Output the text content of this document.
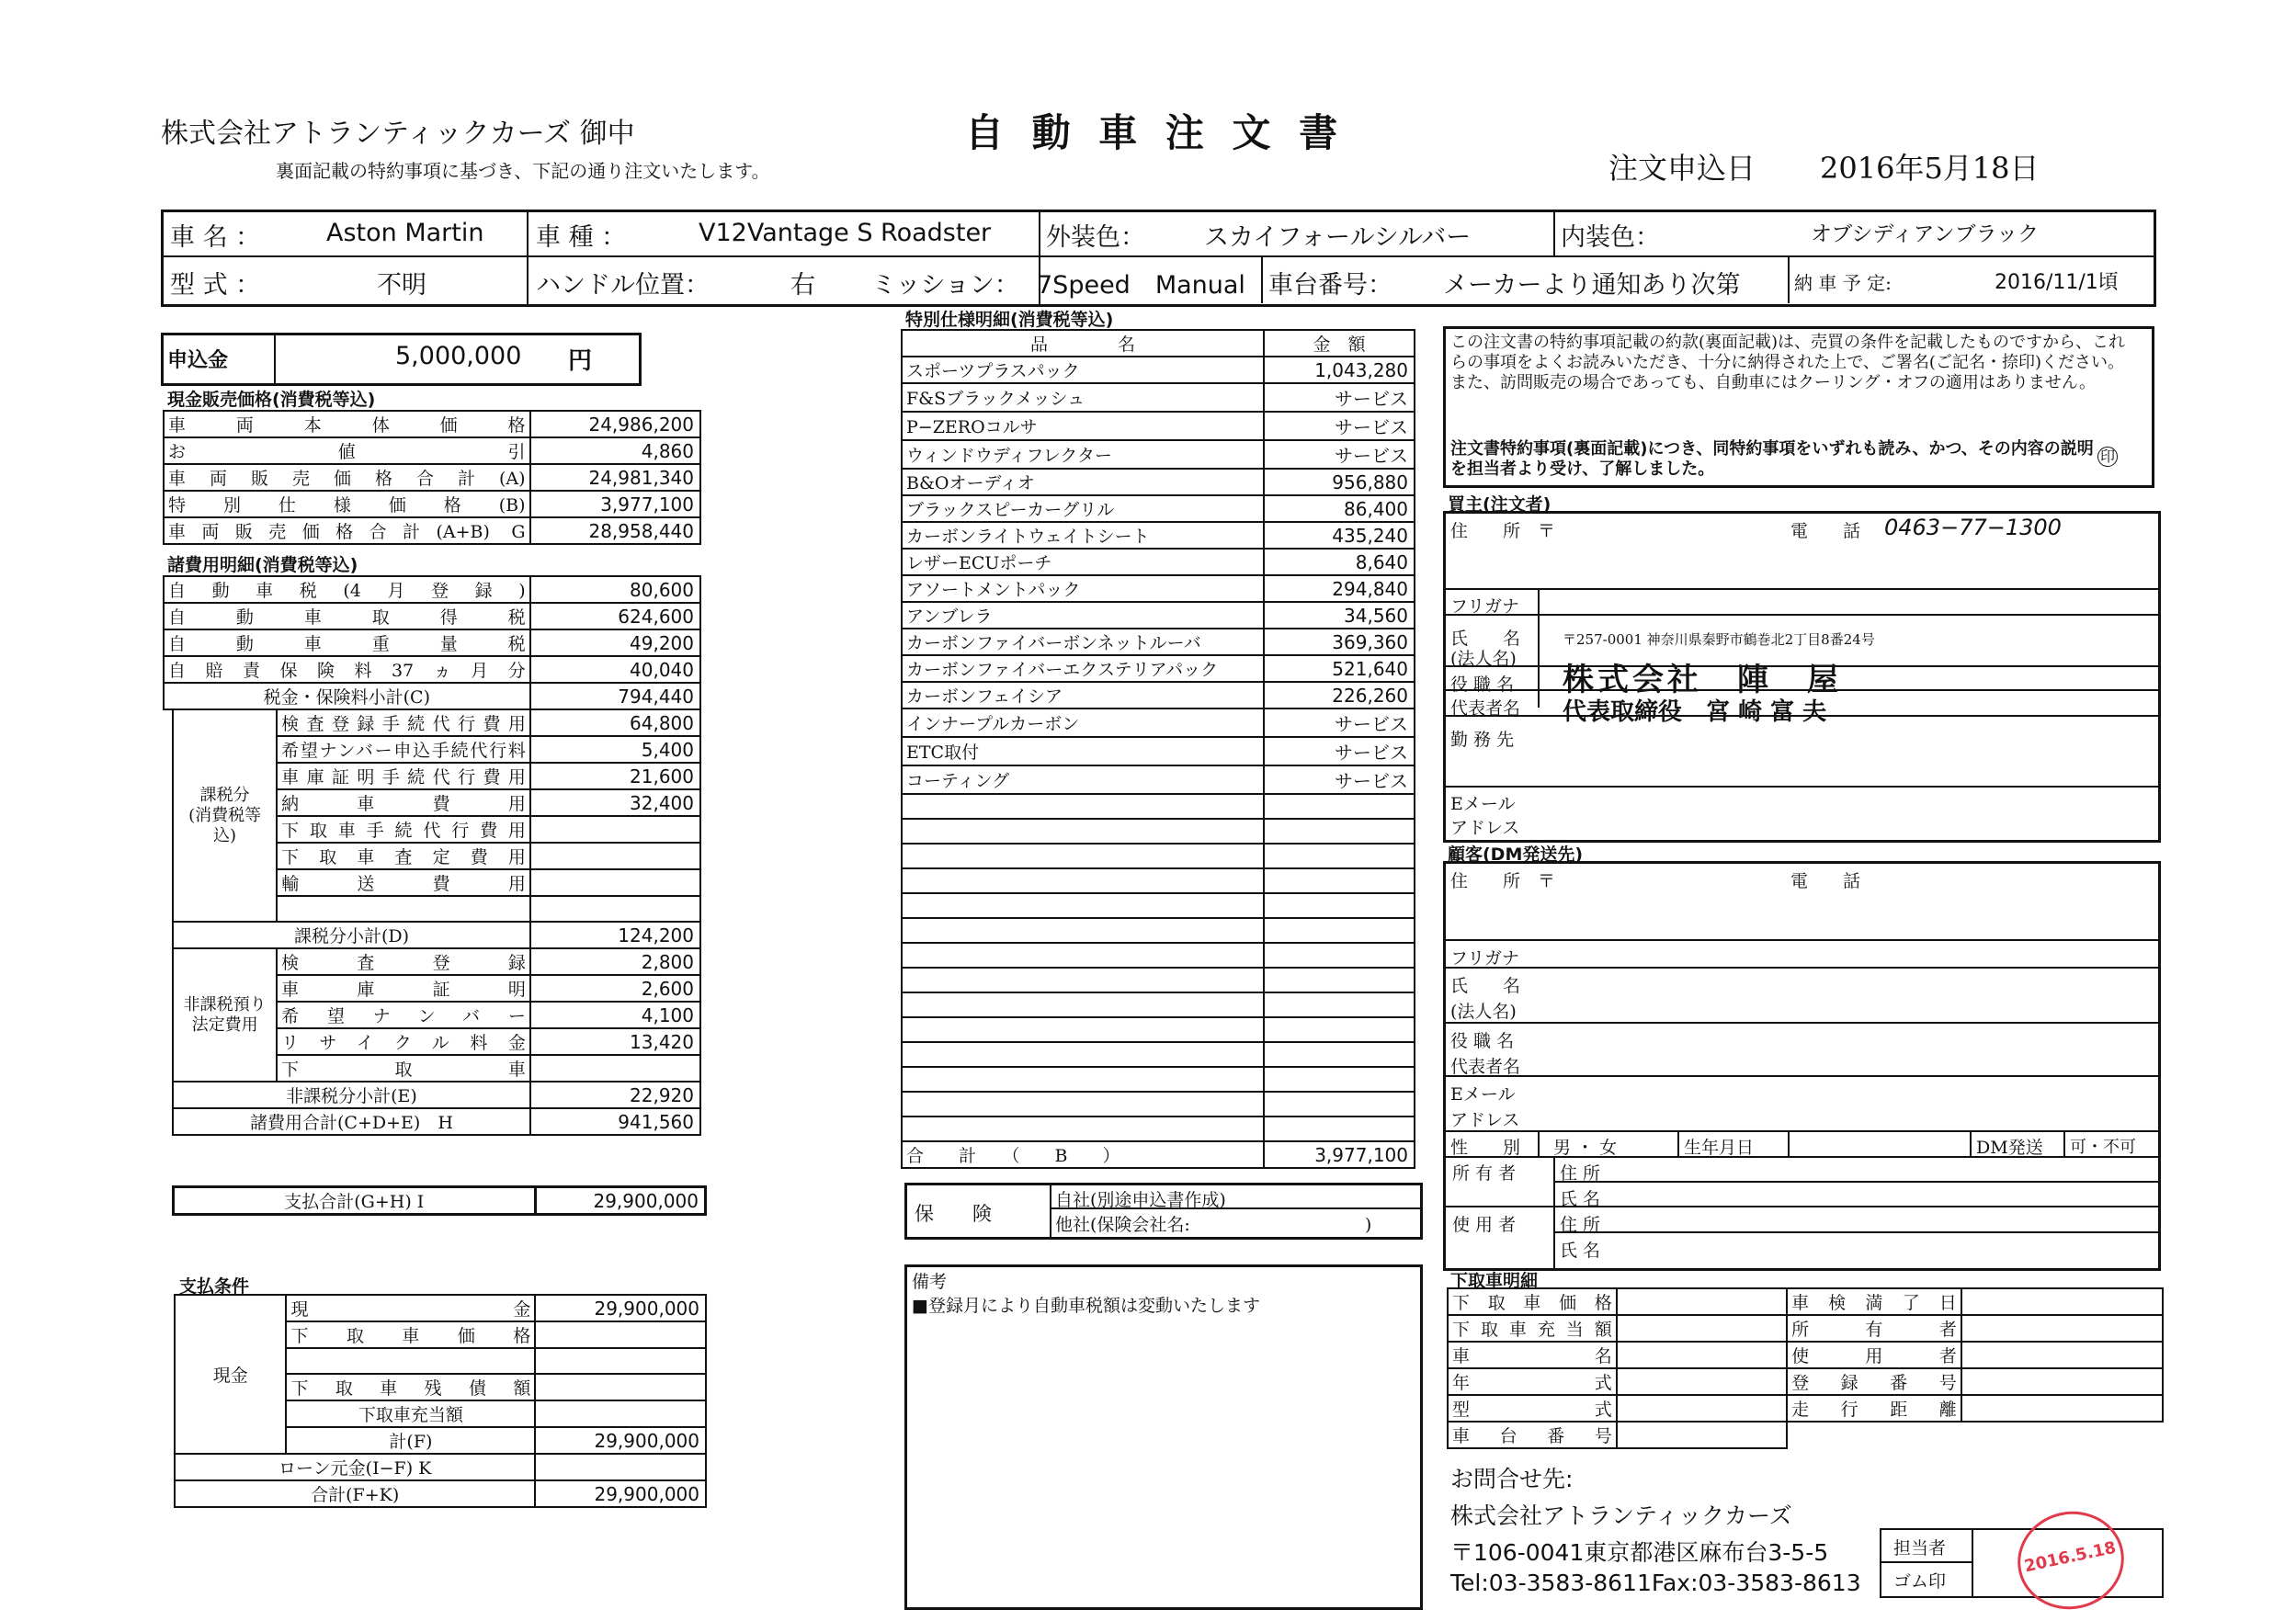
株式会社アトランティックカーズ 御中
裏面記載の特約事項に基づき、下記の通り注文いたします。
自 動 車 注 文 書
注文申込日 2016年5月18日
車 名 ：	Aston Martin 車 種 ：	V12Vantage S Roadster 外装色： スカイフォールシルバー	内装色：	オブシディアンブラック
型 式 ：	不明	ハンドル位置：	右 ミッション： 7Speed　Manual 車台番号： メーカーより通知あり次第	納 車 予 定:	2016/11/1頃
申込金	5,000,000 円
現金販売価格(消費税等込)
車両本体価格	24,986,200
お値引	4,860
車両販売価格合計(A)	24,981,340
特別仕様価格(B)	3,977,100
車両販売価格合計(A+B) G	28,958,440
諸費用明細(消費税等込)
自動車税(4月登録)	80,600
自動車取得税	624,600
自動車重量税	49,200
自賠責保険料37ヵ月分	40,040
税金・保険料小計(C)	794,440
課税分
(消費税等込)	検査登録手続代行費用	64,800
	希望ナンバー申込手続代行料	5,400
	車庫証明手続代行費用	21,600
	納車費用	32,400
	下取車手続代行費用	
	下取車査定費用	
	輸送費用	

課税分小計(D)		124,200
非課税預り
法定費用	検査登録	2,800
	車庫証明	2,600
	希望ナンバー	4,100
	リサイクル料金	13,420
	下取車	
非課税分小計(E)		22,920
諸費用合計(C+D+E)　H		941,560
支払合計(G+H) I	29,900,000
支払条件
現金	現金	29,900,000
	下取車価格	

	下取車残債額	
	下取車充当額	
	計(F)	29,900,000
ローン元金(I−F) K		
合計(F+K)		29,900,000
特別仕様明細(消費税等込)
品　　　　名	金　額
スポーツプラスパック	1,043,280
F&Sブラックメッシュ	サービス
P−ZEROコルサ	サービス
ウィンドウディフレクター	サービス
B&Oオーディオ	956,880
ブラックスピーカーグリル	86,400
カーボンライトウェイトシート	435,240
レザーECUポーチ	8,640
アソートメントパック	294,840
アンブレラ	34,560
カーボンファイバーボンネットルーバ	369,360
カーボンファイバーエクステリアパック	521,640
カーボンフェイシア	226,260
インナープルカーボン	サービス
ETC取付	サービス
コーティング	サービス

合　　計　　（　　B　　）	3,977,100
保　　険
自社(別途申込書作成)
他社(保険会社名:　　　　　　　　　　)
備考
■登録月により自動車税額は変動いたします
この注文書の特約事項記載の約款(裏面記載)は、売買の条件を記載したものですから、これらの事項をよくお読みいただき、十分に納得された上で、ご署名(ご記名・捺印)ください。また、訪問販売の場合であっても、自動車にはクーリング・オフの適用はありません。
注文書特約事項(裏面記載)につき、同特約事項をいずれも読み、かつ、その内容の説明を担当者より受け、了解しました。
印
買主(注文者)
住　　所　〒	電　　話 0463−77−1300
フリガナ
氏　　名
(法人名)
〒257-0001 神奈川県秦野市鶴巻北2丁目8番24号
株式会社　陣　屋
役 職 名
代表者名 代表取締役　宮 崎 富 夫
勤 務 先
Eメール
アドレス
顧客(DM発送先)
住　　所　〒	電　　話
フリガナ
氏　　名
(法人名)
役 職 名
代表者名
Eメール
アドレス
性　　別 男 ・ 女	生年月日	DM発送 可・不可
所 有 者	住 所
氏 名
使 用 者	住 所
氏 名
下取車明細
下取車価格		車検満了日	
下取車充当額		所有者	
車名		使用者	
年式		登録番号	
型式		走行距離	
車台番号			
お問合せ先:
株式会社アトランティックカーズ
〒106-0041東京都港区麻布台3-5-5
Tel:03-3583-8611Fax:03-3583-8613
担当者
ゴム印
2016.5.18
